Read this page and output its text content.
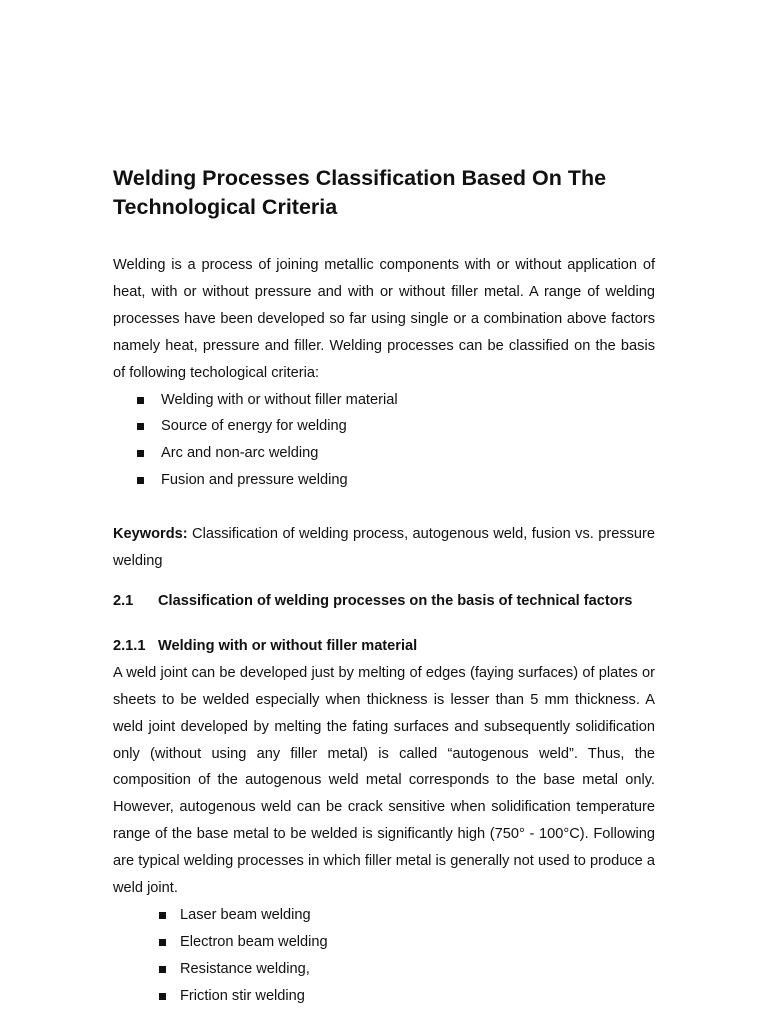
Welding Processes Classification Based On The Technological Criteria

Welding is a process of joining metallic components with or without application of heat, with or without pressure and with or without filler metal. A range of welding processes have been developed so far using single or a combination above factors namely heat, pressure and filler. Welding processes can be classified on the basis of following techological criteria:

Welding with or without filler material
Source of energy for welding
Arc and non-arc welding
Fusion and pressure welding

Keywords: Classification of welding process, autogenous weld, fusion vs. pressure welding

2.1	Classification of welding processes on the basis of technical factors
2.1.1 Welding with or without filler material

A weld joint can be developed just by melting of edges (faying surfaces) of plates or sheets to be welded especially when thickness is lesser than 5 mm thickness. A weld joint developed by melting the fating surfaces and subsequently solidification only (without using any filler metal) is called “autogenous weld”. Thus, the composition of the autogenous weld metal corresponds to the base metal only. However, autogenous weld can be crack sensitive when solidification temperature range of the base metal to be welded is significantly high (750° - 100°C). Following are typical welding processes in which filler metal is generally not used to produce a weld joint.

Laser beam welding
Electron beam welding
Resistance welding,
Friction stir welding
